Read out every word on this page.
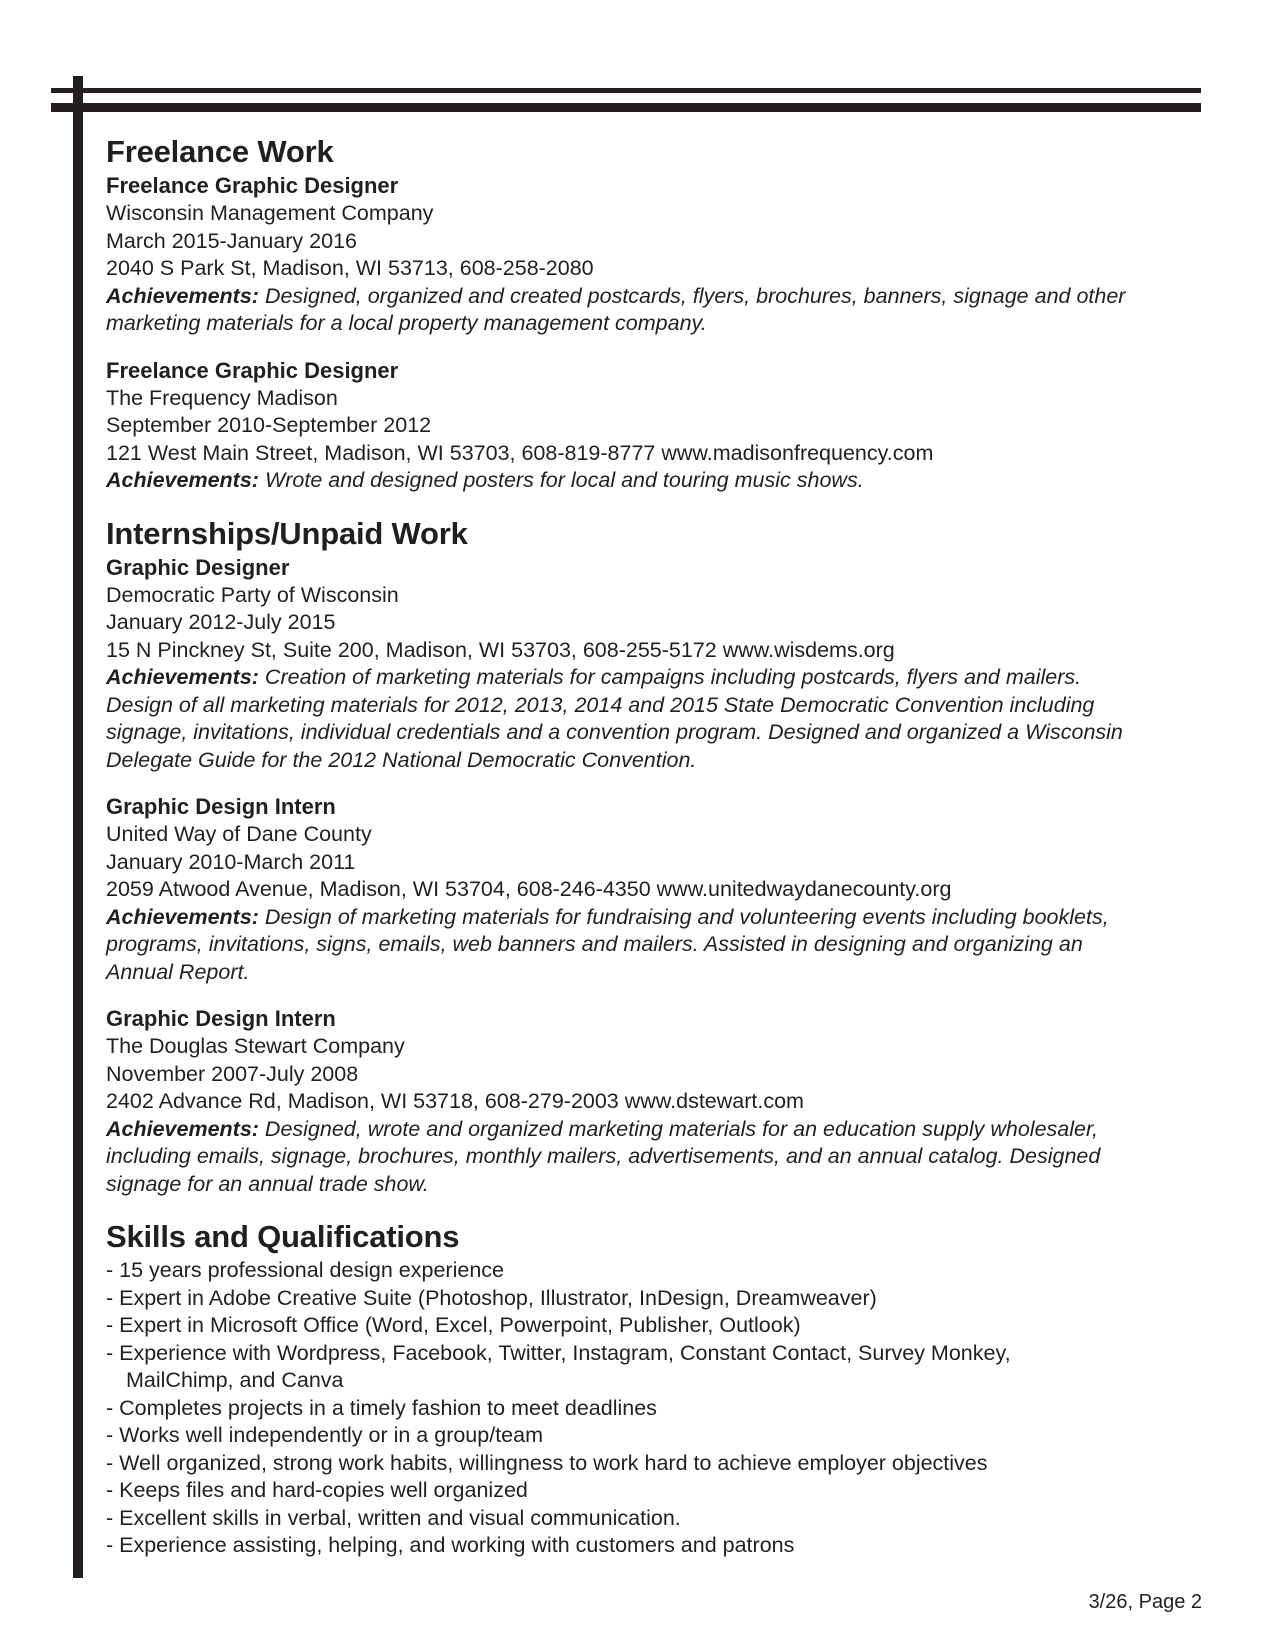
Freelance Work
Freelance Graphic Designer
Wisconsin Management Company
March 2015-January 2016
2040 S Park St, Madison, WI 53713, 608-258-2080
Achievements: Designed, organized and created postcards, flyers, brochures, banners, signage and other marketing materials for a local property management company.
Freelance Graphic Designer
The Frequency Madison
September 2010-September 2012
121 West Main Street, Madison, WI 53703, 608-819-8777 www.madisonfrequency.com
Achievements: Wrote and designed posters for local and touring music shows.
Internships/Unpaid Work
Graphic Designer
Democratic Party of Wisconsin
January 2012-July 2015
15 N Pinckney St, Suite 200, Madison, WI 53703, 608-255-5172 www.wisdems.org
Achievements: Creation of marketing materials for campaigns including postcards, flyers and mailers.
Design of all marketing materials for 2012, 2013, 2014 and 2015 State Democratic Convention including
signage, invitations, individual credentials and a convention program. Designed and organized a Wisconsin
Delegate Guide for the 2012 National Democratic Convention.
Graphic Design Intern
United Way of Dane County
January 2010-March 2011
2059 Atwood Avenue, Madison, WI 53704, 608-246-4350 www.unitedwaydanecounty.org
Achievements: Design of marketing materials for fundraising and volunteering events including booklets,
programs, invitations, signs, emails, web banners and mailers. Assisted in designing and organizing an
Annual Report.
Graphic Design Intern
The Douglas Stewart Company
November 2007-July 2008
2402 Advance Rd, Madison, WI 53718, 608-279-2003 www.dstewart.com
Achievements: Designed, wrote and organized marketing materials for an education supply wholesaler,
including emails, signage, brochures, monthly mailers, advertisements, and an annual catalog. Designed
signage for an annual trade show.
Skills and Qualifications
- 15 years professional design experience
- Expert in Adobe Creative Suite (Photoshop, Illustrator, InDesign, Dreamweaver)
- Expert in Microsoft Office (Word, Excel, Powerpoint, Publisher, Outlook)
- Experience with Wordpress, Facebook, Twitter, Instagram, Constant Contact, Survey Monkey,
MailChimp, and Canva
- Completes projects in a timely fashion to meet deadlines
- Works well independently or in a group/team
- Well organized, strong work habits, willingness to work hard to achieve employer objectives
- Keeps files and hard-copies well organized
- Excellent skills in verbal, written and visual communication.
- Experience assisting, helping, and working with customers and patrons
3/26, Page 2
